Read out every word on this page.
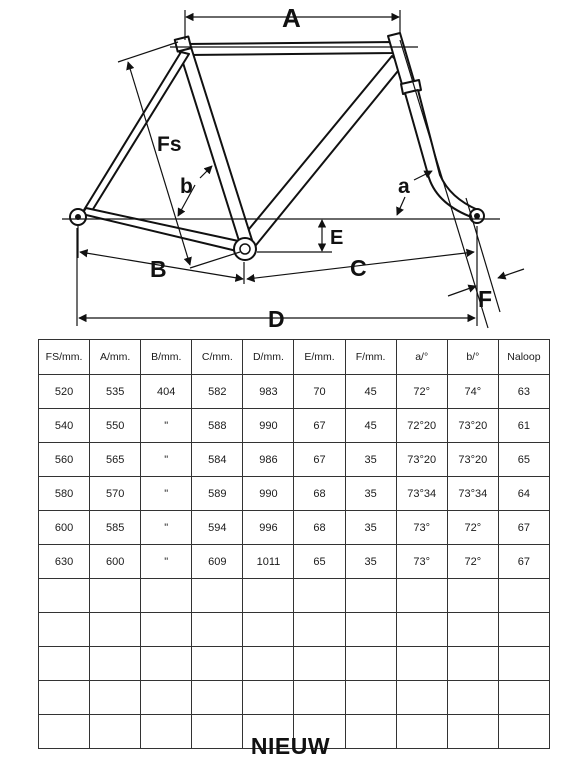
A
Fs
b	a
E
B	C
D
F
FS/mm.	A/mm.	B/mm.	C/mm.	D/mm.	E/mm.	F/mm.	a/°	b/°	Naloop
520	535	404	582	983	70	45	72°	74°	63
540	550	"	588	990	67	45	72°20	73°20	61
560	565	"	584	986	67	35	73°20	73°20	65
580	570	"	589	990	68	35	73°34	73°34	64
600	585	"	594	996	68	35	73°	72°	67
630	600	"	609	1011	65	35	73°	72°	67

NIEUW
